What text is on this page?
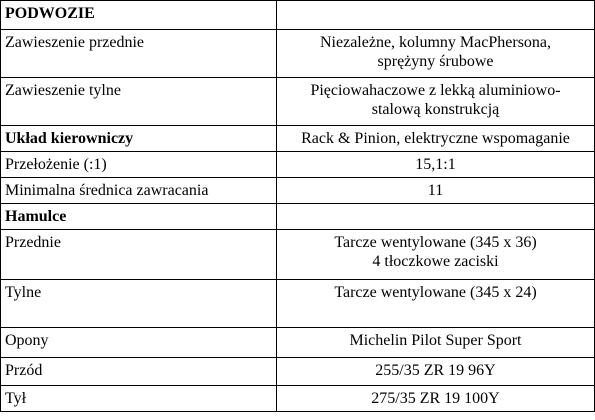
PODWOZIE	
Zawieszenie przednie	Niezależne, kolumny MacPhersona,
sprężyny śrubowe

Zawieszenie tylne	Pięciowahaczowe z lekką aluminiowo-
stalową konstrukcją

Układ kierowniczy	Rack & Pinion, elektryczne wspomaganie

Przełożenie (:1)	15,1:1

Minimalna średnica zawracania	11

Hamulce	
Przednie	Tarcze wentylowane (345 x 36)
4 tłoczkowe zaciski

Tylne	Tarcze wentylowane (345 x 24)

Opony	Michelin Pilot Super Sport

Przód	255/35 ZR 19 96Y

Tył	275/35 ZR 19 100Y
